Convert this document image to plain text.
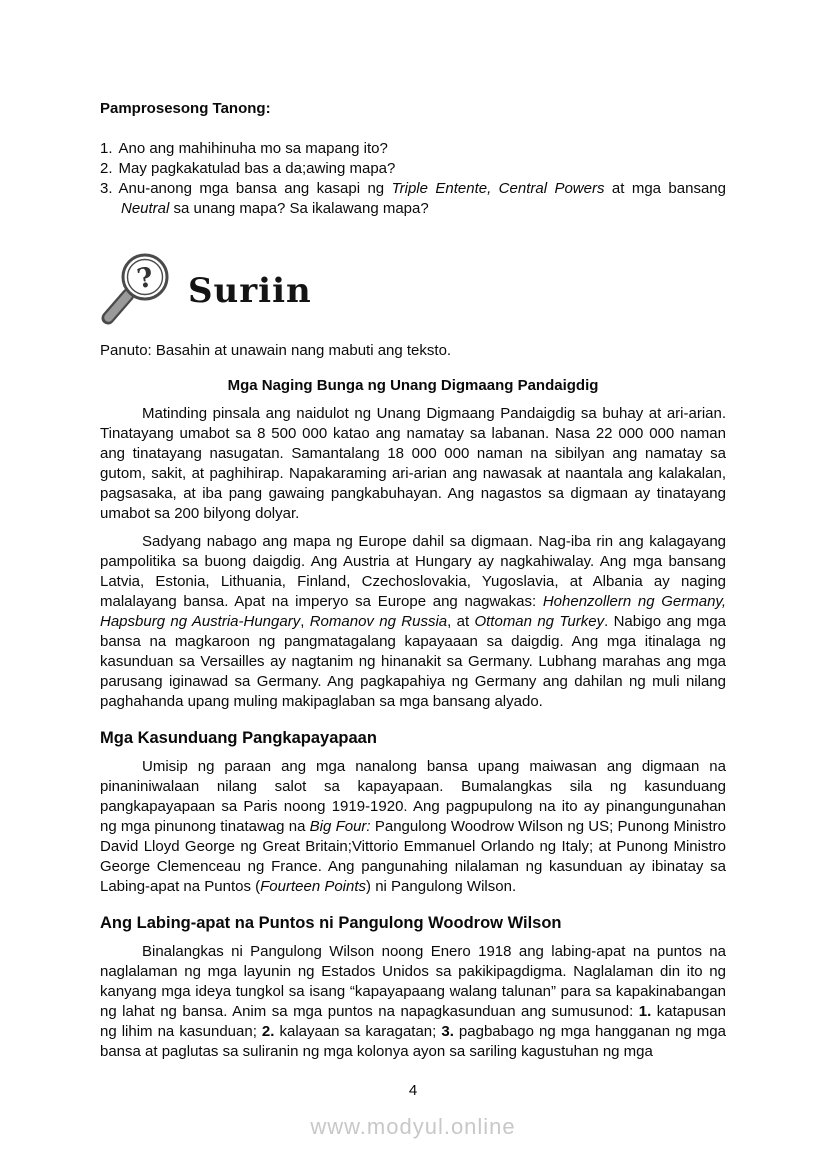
Pamprosesong Tanong:

1. Ano ang mahihinuha mo sa mapang ito?
2. May pagkakatulad bas a da;awing mapa?
3. Anu-anong mga bansa ang kasapi ng Triple Entente, Central Powers at mga bansang Neutral sa unang mapa? Sa ikalawang mapa?
? Suriin

Panuto: Basahin at unawain nang mabuti ang teksto.

Mga Naging Bunga ng Unang Digmaang Pandaigdig

Matinding pinsala ang naidulot ng Unang Digmaang Pandaigdig sa buhay at ari-arian. Tinatayang umabot sa 8 500 000 katao ang namatay sa labanan. Nasa 22 000 000 naman ang tinatayang nasugatan. Samantalang 18 000 000 naman na sibilyan ang namatay sa gutom, sakit, at paghihirap. Napakaraming ari-arian ang nawasak at naantala ang kalakalan, pagsasaka, at iba pang gawaing pangkabuhayan. Ang nagastos sa digmaan ay tinatayang umabot sa 200 bilyong dolyar.

Sadyang nabago ang mapa ng Europe dahil sa digmaan. Nag-iba rin ang kalagayang pampolitika sa buong daigdig. Ang Austria at Hungary ay nagkahiwalay. Ang mga bansang Latvia, Estonia, Lithuania, Finland, Czechoslovakia, Yugoslavia, at Albania ay naging malalayang bansa. Apat na imperyo sa Europe ang nagwakas: Hohenzollern ng Germany, Hapsburg ng Austria-Hungary, Romanov ng Russia, at Ottoman ng Turkey. Nabigo ang mga bansa na magkaroon ng pangmatagalang kapayaaan sa daigdig. Ang mga itinalaga ng kasunduan sa Versailles ay nagtanim ng hinanakit sa Germany. Lubhang marahas ang mga parusang iginawad sa Germany. Ang pagkapahiya ng Germany ang dahilan ng muli nilang paghahanda upang muling makipaglaban sa mga bansang alyado.

Mga Kasunduang Pangkapayapaan

Umisip ng paraan ang mga nanalong bansa upang maiwasan ang digmaan na pinaniniwalaan nilang salot sa kapayapaan. Bumalangkas sila ng kasunduang pangkapayapaan sa Paris noong 1919-1920. Ang pagpupulong na ito ay pinangungunahan ng mga pinunong tinatawag na Big Four: Pangulong Woodrow Wilson ng US; Punong Ministro David Lloyd George ng Great Britain;Vittorio Emmanuel Orlando ng Italy; at Punong Ministro George Clemenceau ng France. Ang pangunahing nilalaman ng kasunduan ay ibinatay sa Labing-apat na Puntos (Fourteen Points) ni Pangulong Wilson.

Ang Labing-apat na Puntos ni Pangulong Woodrow Wilson

Binalangkas ni Pangulong Wilson noong Enero 1918 ang labing-apat na puntos na naglalaman ng mga layunin ng Estados Unidos sa pakikipagdigma. Naglalaman din ito ng kanyang mga ideya tungkol sa isang “kapayapaang walang talunan” para sa kapakinabangan ng lahat ng bansa. Anim sa mga puntos na napagkasunduan ang sumusunod: 1. katapusan ng lihim na kasunduan; 2. kalayaan sa karagatan; 3. pagbabago ng mga hangganan ng mga bansa at paglutas sa suliranin ng mga kolonya ayon sa sariling kagustuhan ng mga

4
www.modyul.online
